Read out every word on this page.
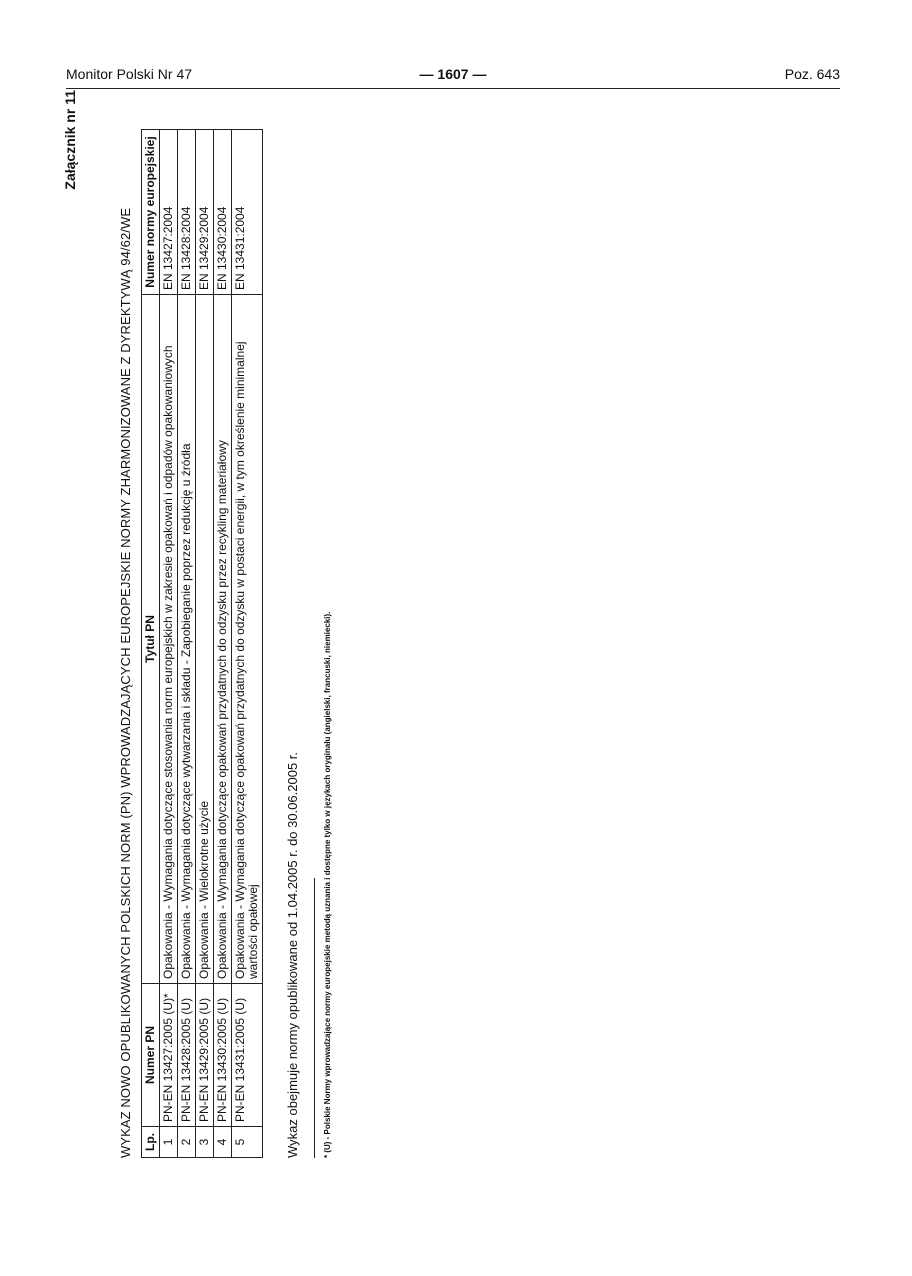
Monitor Polski Nr 47	— 1607 —	Poz. 643
Załącznik nr 11
WYKAZ NOWO OPUBLIKOWANYCH POLSKICH NORM (PN) WPROWADZAJĄCYCH EUROPEJSKIE NORMY ZHARMONIZOWANE Z DYREKTYWĄ 94/62/WE Lp.	Numer PN	Tytuł PN	Numer normy europejskiej
1	PN-EN 13427:2005 (U)*	Opakowania - Wymagania dotyczące stosowania norm europejskich w zakresie opakowań i odpadów opakowaniowych	EN 13427:2004
2	PN-EN 13428:2005 (U)	Opakowania - Wymagania dotyczące wytwarzania i składu - Zapobieganie poprzez redukcję u źródła	EN 13428:2004
3	PN-EN 13429:2005 (U)	Opakowania - Wielokrotne użycie	EN 13429:2004
4	PN-EN 13430:2005 (U)	Opakowania - Wymagania dotyczące opakowań przydatnych do odzysku przez recykling materiałowy	EN 13430:2004
5	PN-EN 13431:2005 (U)	Opakowania - Wymagania dotyczące opakowań przydatnych do odzysku w postaci energii, w tym określenie minimalnej wartości opałowej	EN 13431:2004
Wykaz obejmuje normy opublikowane od 1.04.2005 r. do 30.06.2005 r.	* (U) - Polskie Normy wprowadzające normy europejskie metodą uznania i dostępne tylko w językach oryginału (angielski, francuski, niemiecki).
